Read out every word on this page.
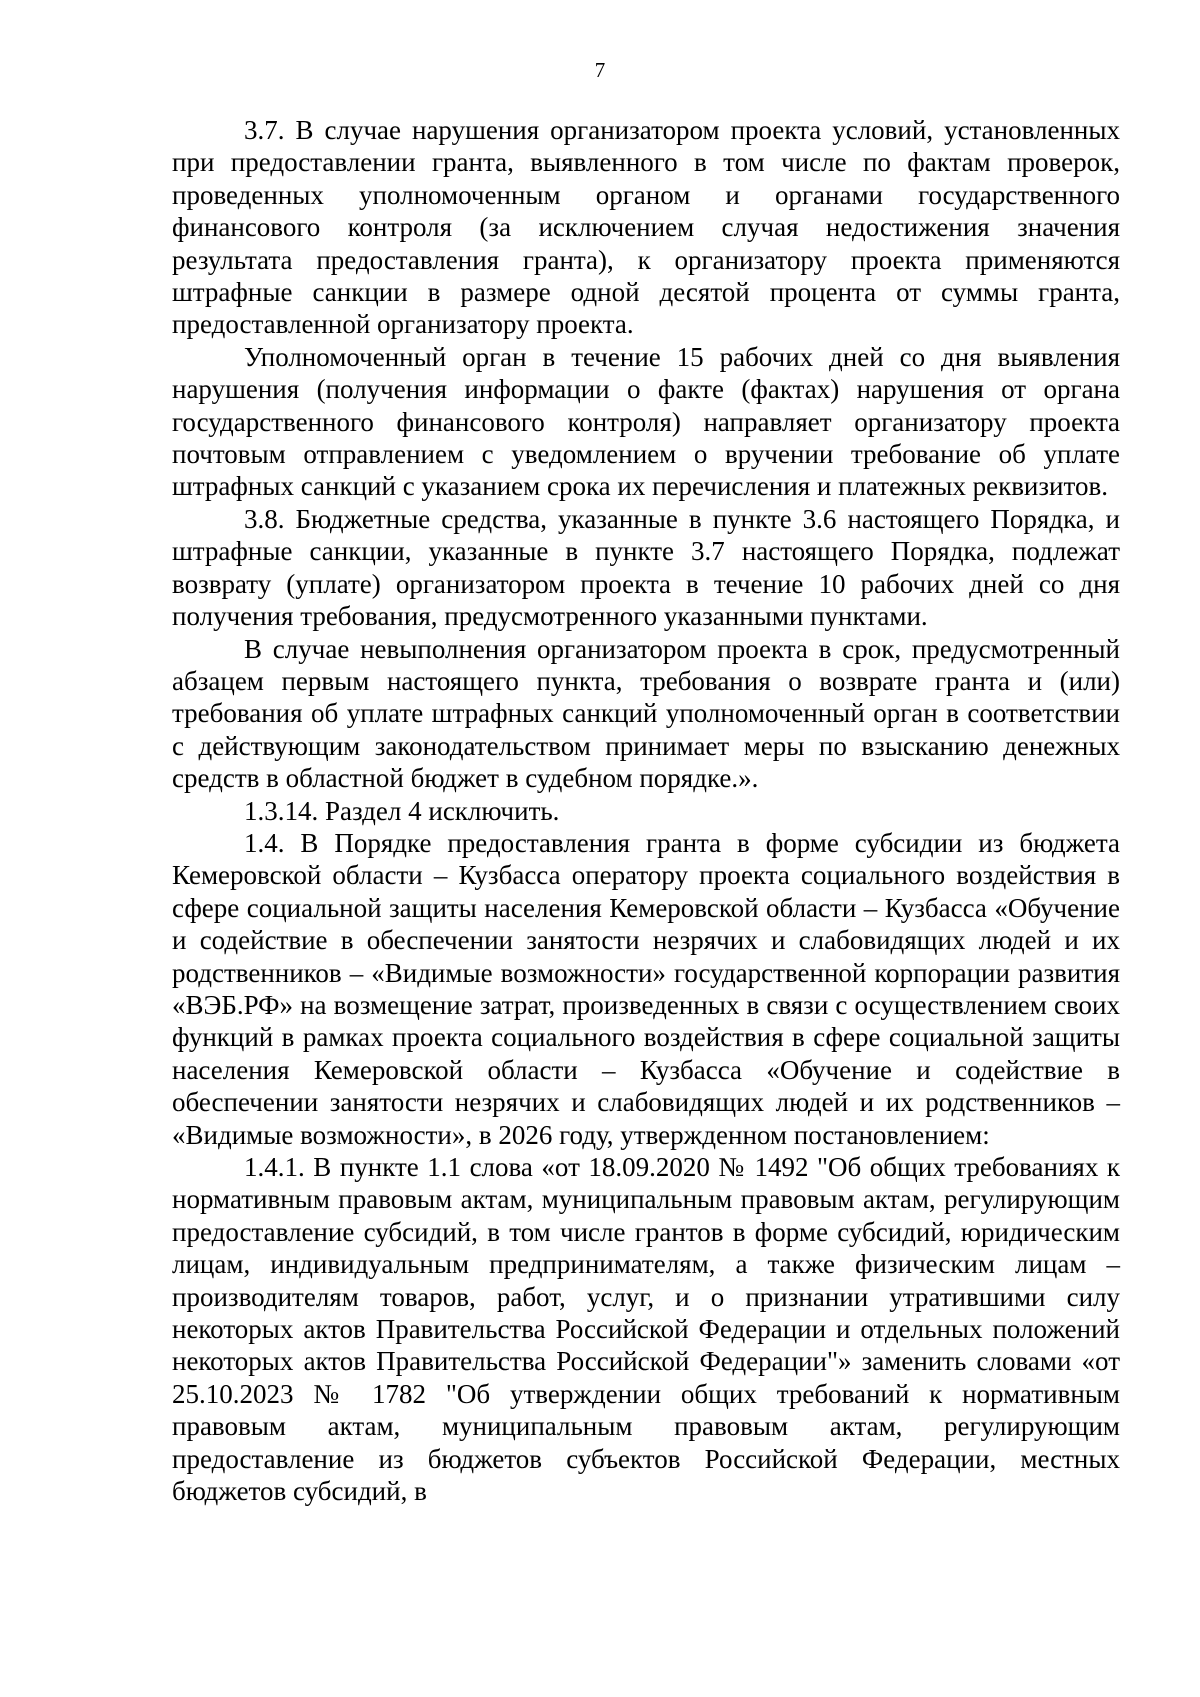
7

3.7. В случае нарушения организатором проекта условий, установленных при предоставлении гранта, выявленного в том числе по фактам проверок, проведенных уполномоченным органом и органами государственного финансового контроля (за исключением случая недостижения значения результата предоставления гранта), к организатору проекта применяются штрафные санкции в размере одной десятой процента от суммы гранта, предоставленной организатору проекта.

Уполномоченный орган в течение 15 рабочих дней со дня выявления нарушения (получения информации о факте (фактах) нарушения от органа государственного финансового контроля) направляет организатору проекта почтовым отправлением с уведомлением о вручении требование об уплате штрафных санкций с указанием срока их перечисления и платежных реквизитов.

3.8. Бюджетные средства, указанные в пункте 3.6 настоящего Порядка, и штрафные санкции, указанные в пункте 3.7 настоящего Порядка, подлежат возврату (уплате) организатором проекта в течение 10 рабочих дней со дня получения требования, предусмотренного указанными пунктами.

В случае невыполнения организатором проекта в срок, предусмотренный абзацем первым настоящего пункта, требования о возврате гранта и (или) требования об уплате штрафных санкций уполномоченный орган в соответствии с действующим законодательством принимает меры по взысканию денежных средств в областной бюджет в судебном порядке.».

1.3.14. Раздел 4 исключить.

1.4. В Порядке предоставления гранта в форме субсидии из бюджета Кемеровской области – Кузбасса оператору проекта социального воздействия в сфере социальной защиты населения Кемеровской области – Кузбасса «Обучение и содействие в обеспечении занятости незрячих и слабовидящих людей и их родственников – «Видимые возможности» государственной корпорации развития «ВЭБ.РФ» на возмещение затрат, произведенных в связи с осуществлением своих функций в рамках проекта социального воздействия в сфере социальной защиты населения Кемеровской области – Кузбасса «Обучение и содействие в обеспечении занятости незрячих и слабовидящих людей и их родственников – «Видимые возможности», в 2026 году, утвержденном постановлением:

1.4.1. В пункте 1.1 слова «от 18.09.2020 № 1492 "Об общих требованиях к нормативным правовым актам, муниципальным правовым актам, регулирующим предоставление субсидий, в том числе грантов в форме субсидий, юридическим лицам, индивидуальным предпринимателям, а также физическим лицам – производителям товаров, работ, услуг, и о признании утратившими силу некоторых актов Правительства Российской Федерации и отдельных положений некоторых актов Правительства Российской Федерации"» заменить словами «от 25.10.2023 № 1782 "Об утверждении общих требований к нормативным правовым актам, муниципальным правовым актам, регулирующим предоставление из бюджетов субъектов Российской Федерации, местных бюджетов субсидий, в
